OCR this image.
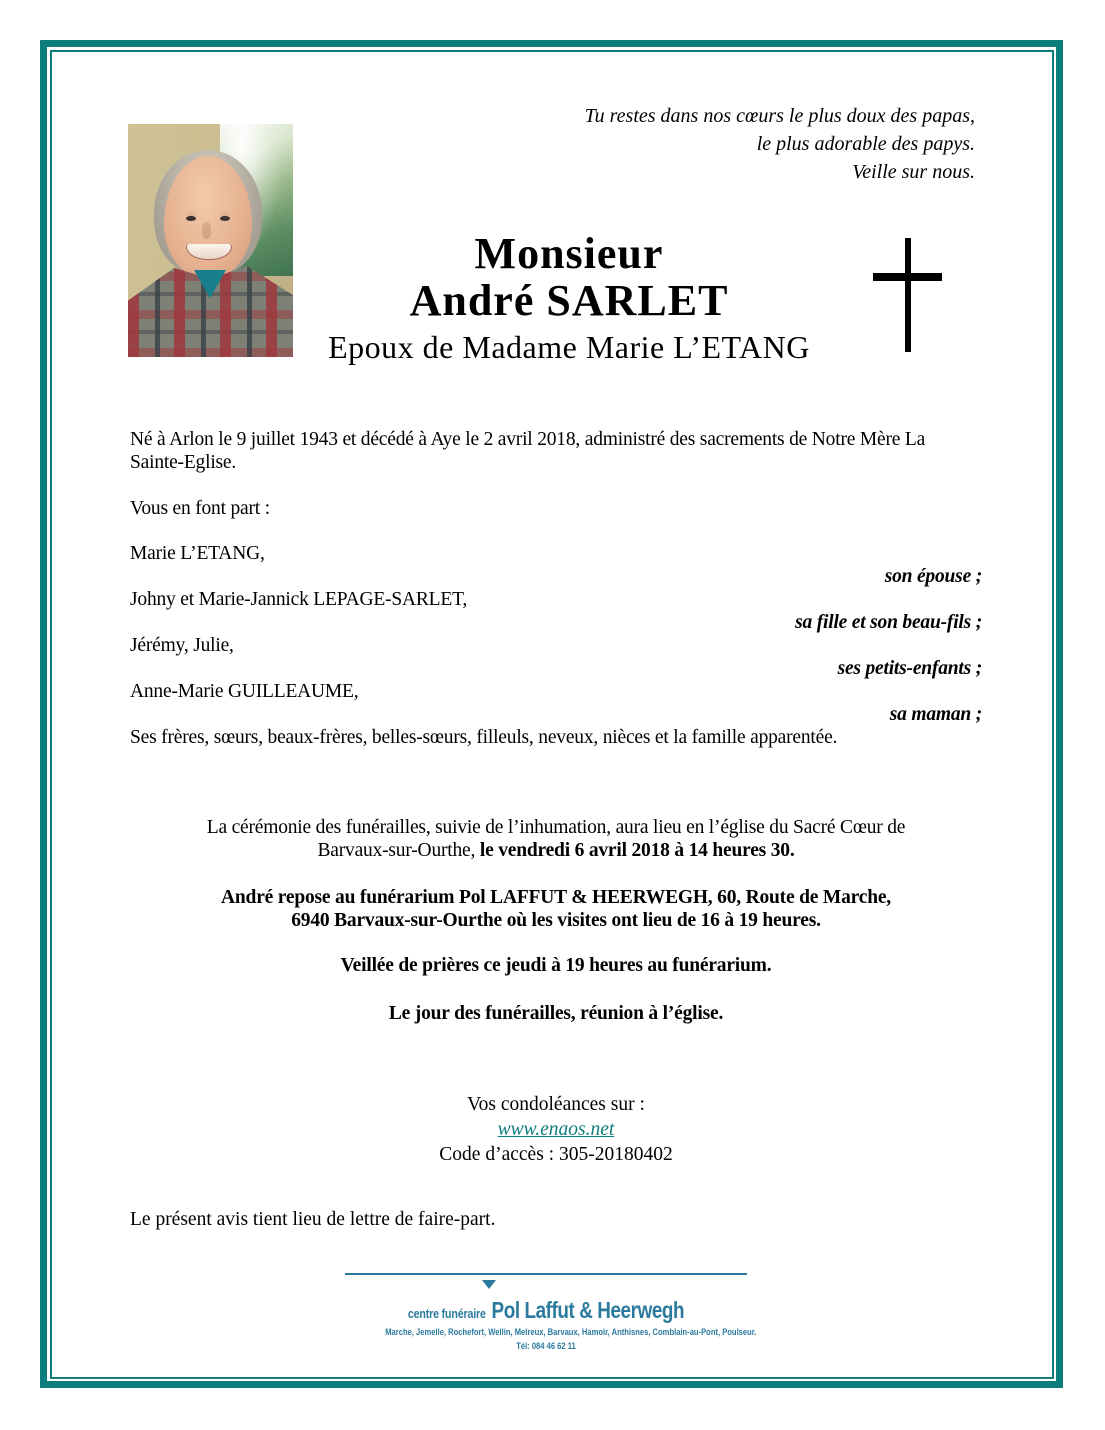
Tu restes dans nos cœurs le plus doux des papas,
le plus adorable des papys.
Veille sur nous.
Monsieur
André SARLET
Epoux de Madame Marie L’ETANG

Né à Arlon le 9 juillet 1943 et décédé à Aye le 2 avril 2018, administré des sacrements de Notre Mère La Sainte-Eglise.

Vous en font part :

Marie L’ETANG,
son épouse ;
Johny et Marie-Jannick LEPAGE-SARLET,
sa fille et son beau-fils ;
Jérémy, Julie,
ses petits-enfants ;
Anne-Marie GUILLEAUME,
sa maman ;
Ses frères, sœurs, beaux-frères, belles-sœurs, filleuls, neveux, nièces et la famille apparentée.

La cérémonie des funérailles, suivie de l’inhumation, aura lieu en l’église du Sacré Cœur de
Barvaux-sur-Ourthe, le vendredi 6 avril 2018 à 14 heures 30.

André repose au funérarium Pol LAFFUT & HEERWEGH, 60, Route de Marche,
6940 Barvaux-sur-Ourthe où les visites ont lieu de 16 à 19 heures.

Veillée de prières ce jeudi à 19 heures au funérarium.

Le jour des funérailles, réunion à l’église.

Vos condoléances sur :
www.enaos.net
Code d’accès : 305-20180402
Le présent avis tient lieu de lettre de faire-part.
centre funéraire Pol Laffut & Heerwegh
Marche, Jemelle, Rochefort, Wellin, Melreux, Barvaux, Hamoir, Anthisnes, Comblain-au-Pont, Poulseur.
Tél: 084 46 62 11
